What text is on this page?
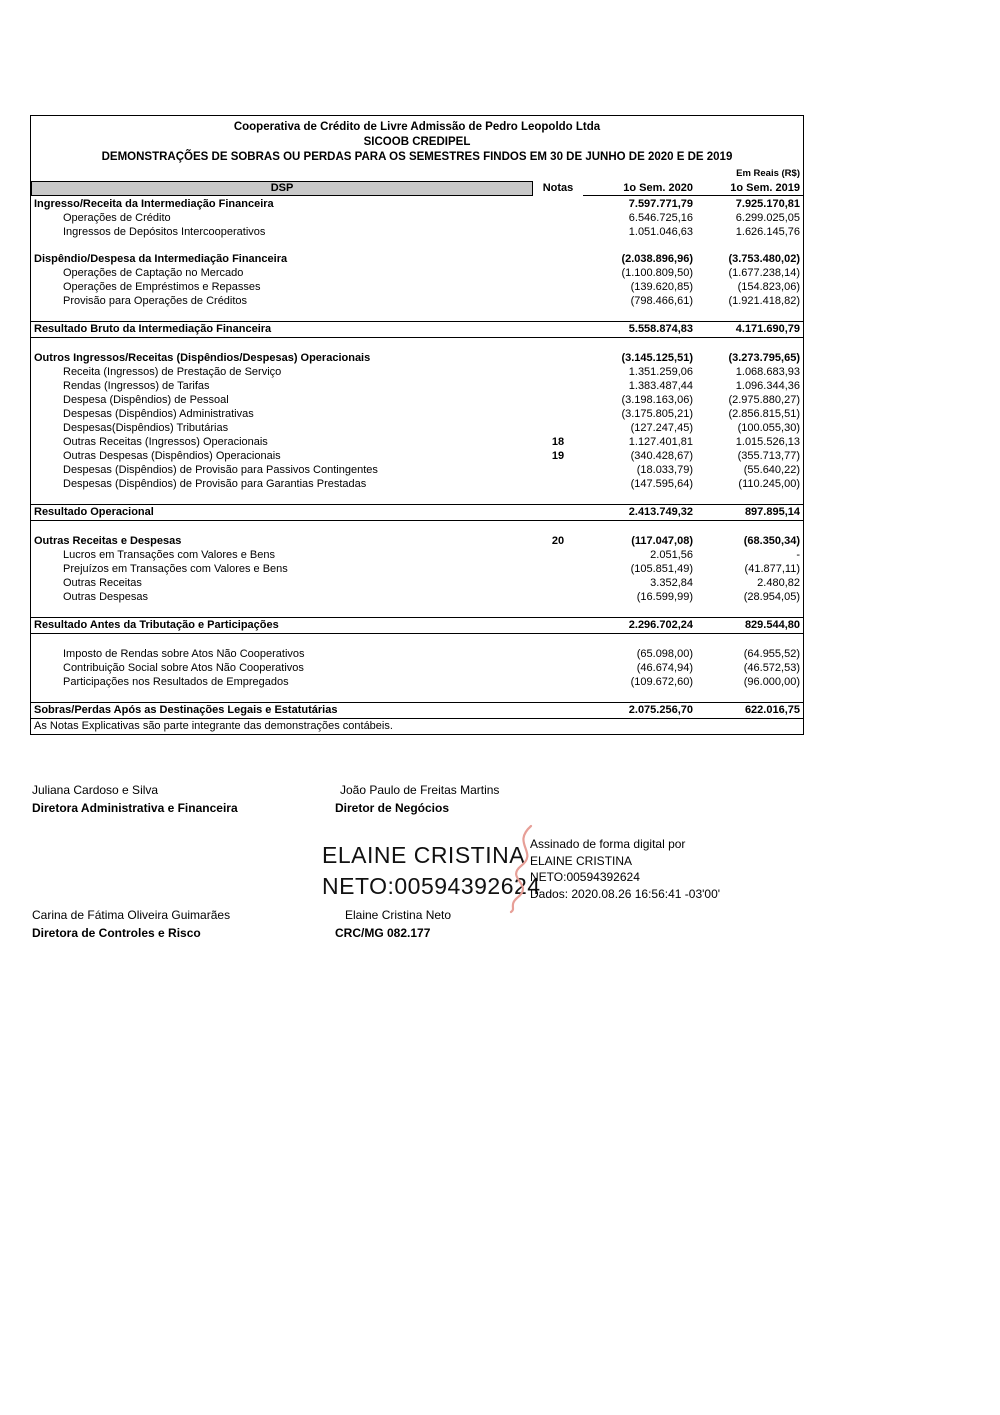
Cooperativa de Crédito de Livre Admissão de Pedro Leopoldo Ltda
SICOOB CREDIPEL
DEMONSTRAÇÕES DE SOBRAS OU PERDAS PARA OS SEMESTRES FINDOS EM 30 DE JUNHO DE 2020 E DE 2019
Em Reais (R$)
DSP	Notas	1o Sem. 2020	1o Sem. 2019
Ingresso/Receita da Intermediação Financeira	7.597.771,79	7.925.170,81
Operações de Crédito	6.546.725,16	6.299.025,05
Ingressos de Depósitos Intercooperativos	1.051.046,63	1.626.145,76
Dispêndio/Despesa da Intermediação Financeira	(2.038.896,96)	(3.753.480,02)
Operações de Captação no Mercado	(1.100.809,50)	(1.677.238,14)
Operações de Empréstimos e Repasses	(139.620,85)	(154.823,06)
Provisão para Operações de Créditos	(798.466,61)	(1.921.418,82)
Resultado Bruto da Intermediação Financeira	5.558.874,83	4.171.690,79
Outros Ingressos/Receitas (Dispêndios/Despesas) Operacionais	(3.145.125,51)	(3.273.795,65)
Receita (Ingressos) de Prestação de Serviço	1.351.259,06	1.068.683,93
Rendas (Ingressos) de Tarifas	1.383.487,44	1.096.344,36
Despesa (Dispêndios) de Pessoal	(3.198.163,06)	(2.975.880,27)
Despesas (Dispêndios) Administrativas	(3.175.805,21)	(2.856.815,51)
Despesas(Dispêndios) Tributárias	(127.247,45)	(100.055,30)
Outras Receitas (Ingressos) Operacionais	18	1.127.401,81	1.015.526,13
Outras Despesas (Dispêndios) Operacionais	19	(340.428,67)	(355.713,77)
Despesas (Dispêndios) de Provisão para Passivos Contingentes	(18.033,79)	(55.640,22)
Despesas (Dispêndios) de Provisão para Garantias Prestadas	(147.595,64)	(110.245,00)
Resultado Operacional	2.413.749,32	897.895,14
Outras Receitas e Despesas	20	(117.047,08)	(68.350,34)
Lucros em Transações com Valores e Bens	2.051,56	-
Prejuízos em Transações com Valores e Bens	(105.851,49)	(41.877,11)
Outras Receitas	3.352,84	2.480,82
Outras Despesas	(16.599,99)	(28.954,05)
Resultado Antes da Tributação e Participações	2.296.702,24	829.544,80
Imposto de Rendas sobre Atos Não Cooperativos	(65.098,00)	(64.955,52)
Contribuição Social sobre Atos Não Cooperativos	(46.674,94)	(46.572,53)
Participações nos Resultados de Empregados	(109.672,60)	(96.000,00)
Sobras/Perdas Após as Destinações Legais e Estatutárias	2.075.256,70	622.016,75
As Notas Explicativas são parte integrante das demonstrações contábeis.
Juliana Cardoso e Silva
Diretora Administrativa e Financeira
João Paulo de Freitas Martins
Diretor de Negócios
ELAINE CRISTINA
NETO:00594392624
Assinado de forma digital por
ELAINE CRISTINA
NETO:00594392624
Dados: 2020.08.26 16:56:41 -03'00'
Carina de Fátima Oliveira Guimarães
Diretora de Controles e Risco
Elaine Cristina Neto
CRC/MG 082.177
